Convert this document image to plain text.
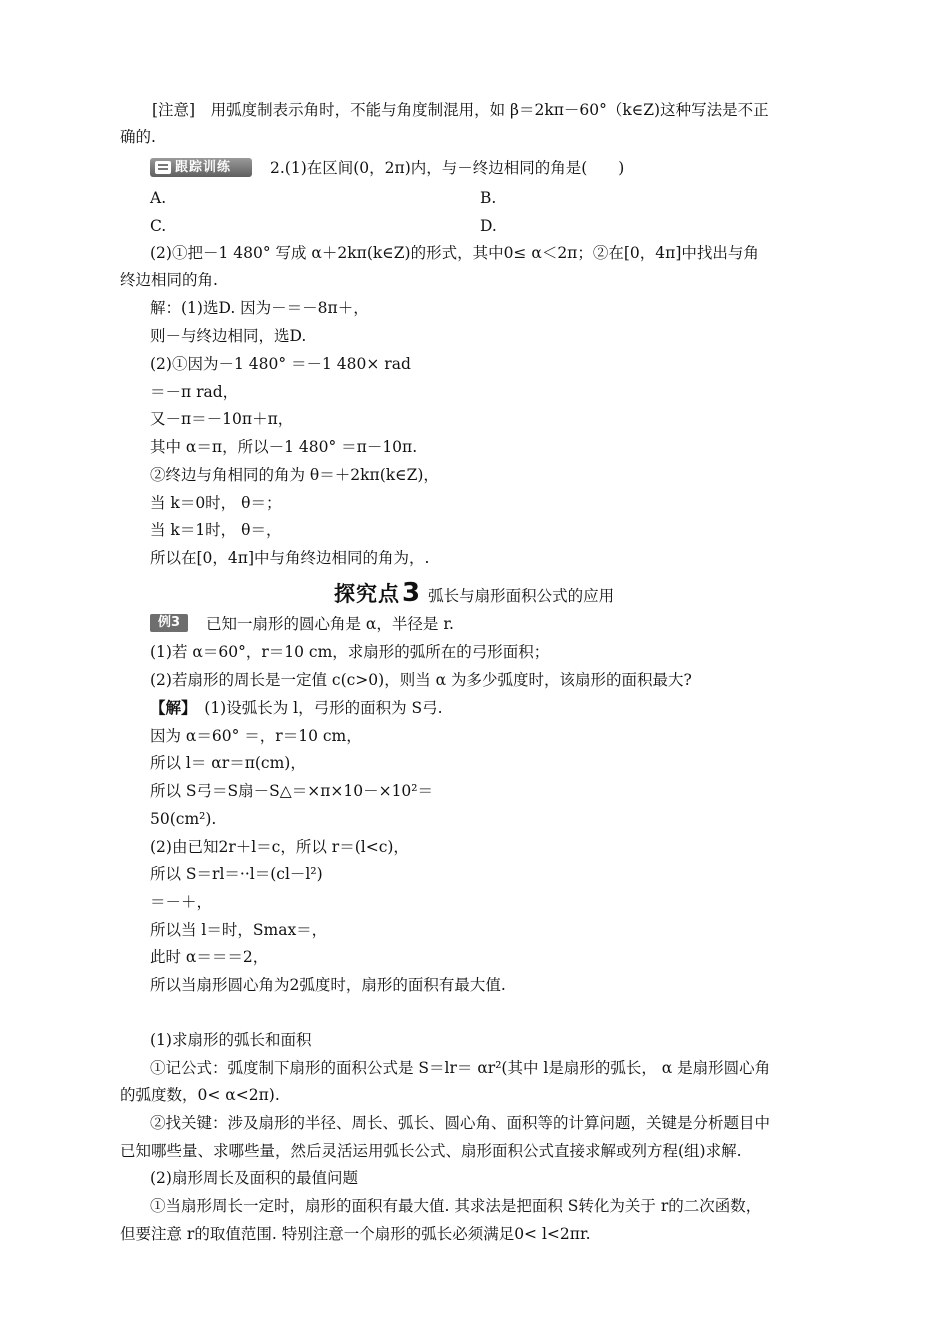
[注意]　用弧度制表示角时，不能与角度制混用，如 β＝2kπ－60°（k∈Z)这种写法是不正
确的.
跟踪训练	2.(1)在区间(0，2π)内，与－终边相同的角是(　　)
A.	B.
C.	D.
(2)①把－1 480° 写成 α＋2kπ(k∈Z)的形式，其中0≤ α＜2π；②在[0，4π]中找出与角
终边相同的角.
解：(1)选D. 因为－＝－8π＋，
则－与终边相同，选D.
(2)①因为－1 480° ＝－1 480× rad
＝－π rad，
又－π＝－10π＋π，
其中 α＝π，所以－1 480° ＝π－10π.
②终边与角相同的角为 θ＝＋2kπ(k∈Z)，
当 k＝0时， θ＝；
当 k＝1时， θ＝，
所以在[0，4π]中与角终边相同的角为，.
探究点3 弧长与扇形面积公式的应用
例3	已知一扇形的圆心角是 α，半径是 r.
(1)若 α＝60°，r＝10 cm，求扇形的弧所在的弓形面积；
(2)若扇形的周长是一定值 c(c>0)，则当 α 为多少弧度时，该扇形的面积最大?
【解】　(1)设弧长为 l，弓形的面积为 S弓.
因为 α＝60° ＝，r＝10 cm，
所以 l＝ αr＝π(cm)，
所以 S弓＝S扇－S△＝×π×10－×10²＝
50(cm²).
(2)由已知2r＋l＝c，所以 r＝(l<c)，
所以 S＝rl＝··l＝(cl－l²)
＝－＋，
所以当 l＝时，Smax＝，
此时 α＝＝＝2，
所以当扇形圆心角为2弧度时，扇形的面积有最大值.
(1)求扇形的弧长和面积
①记公式：弧度制下扇形的面积公式是 S＝lr＝ αr²(其中 l是扇形的弧长， α 是扇形圆心角
的弧度数，0< α<2π).
②找关键：涉及扇形的半径、周长、弧长、圆心角、面积等的计算问题，关键是分析题目中
已知哪些量、求哪些量，然后灵活运用弧长公式、扇形面积公式直接求解或列方程(组)求解.
(2)扇形周长及面积的最值问题
①当扇形周长一定时，扇形的面积有最大值. 其求法是把面积 S转化为关于 r的二次函数，
但要注意 r的取值范围. 特别注意一个扇形的弧长必须满足0< l<2πr.
